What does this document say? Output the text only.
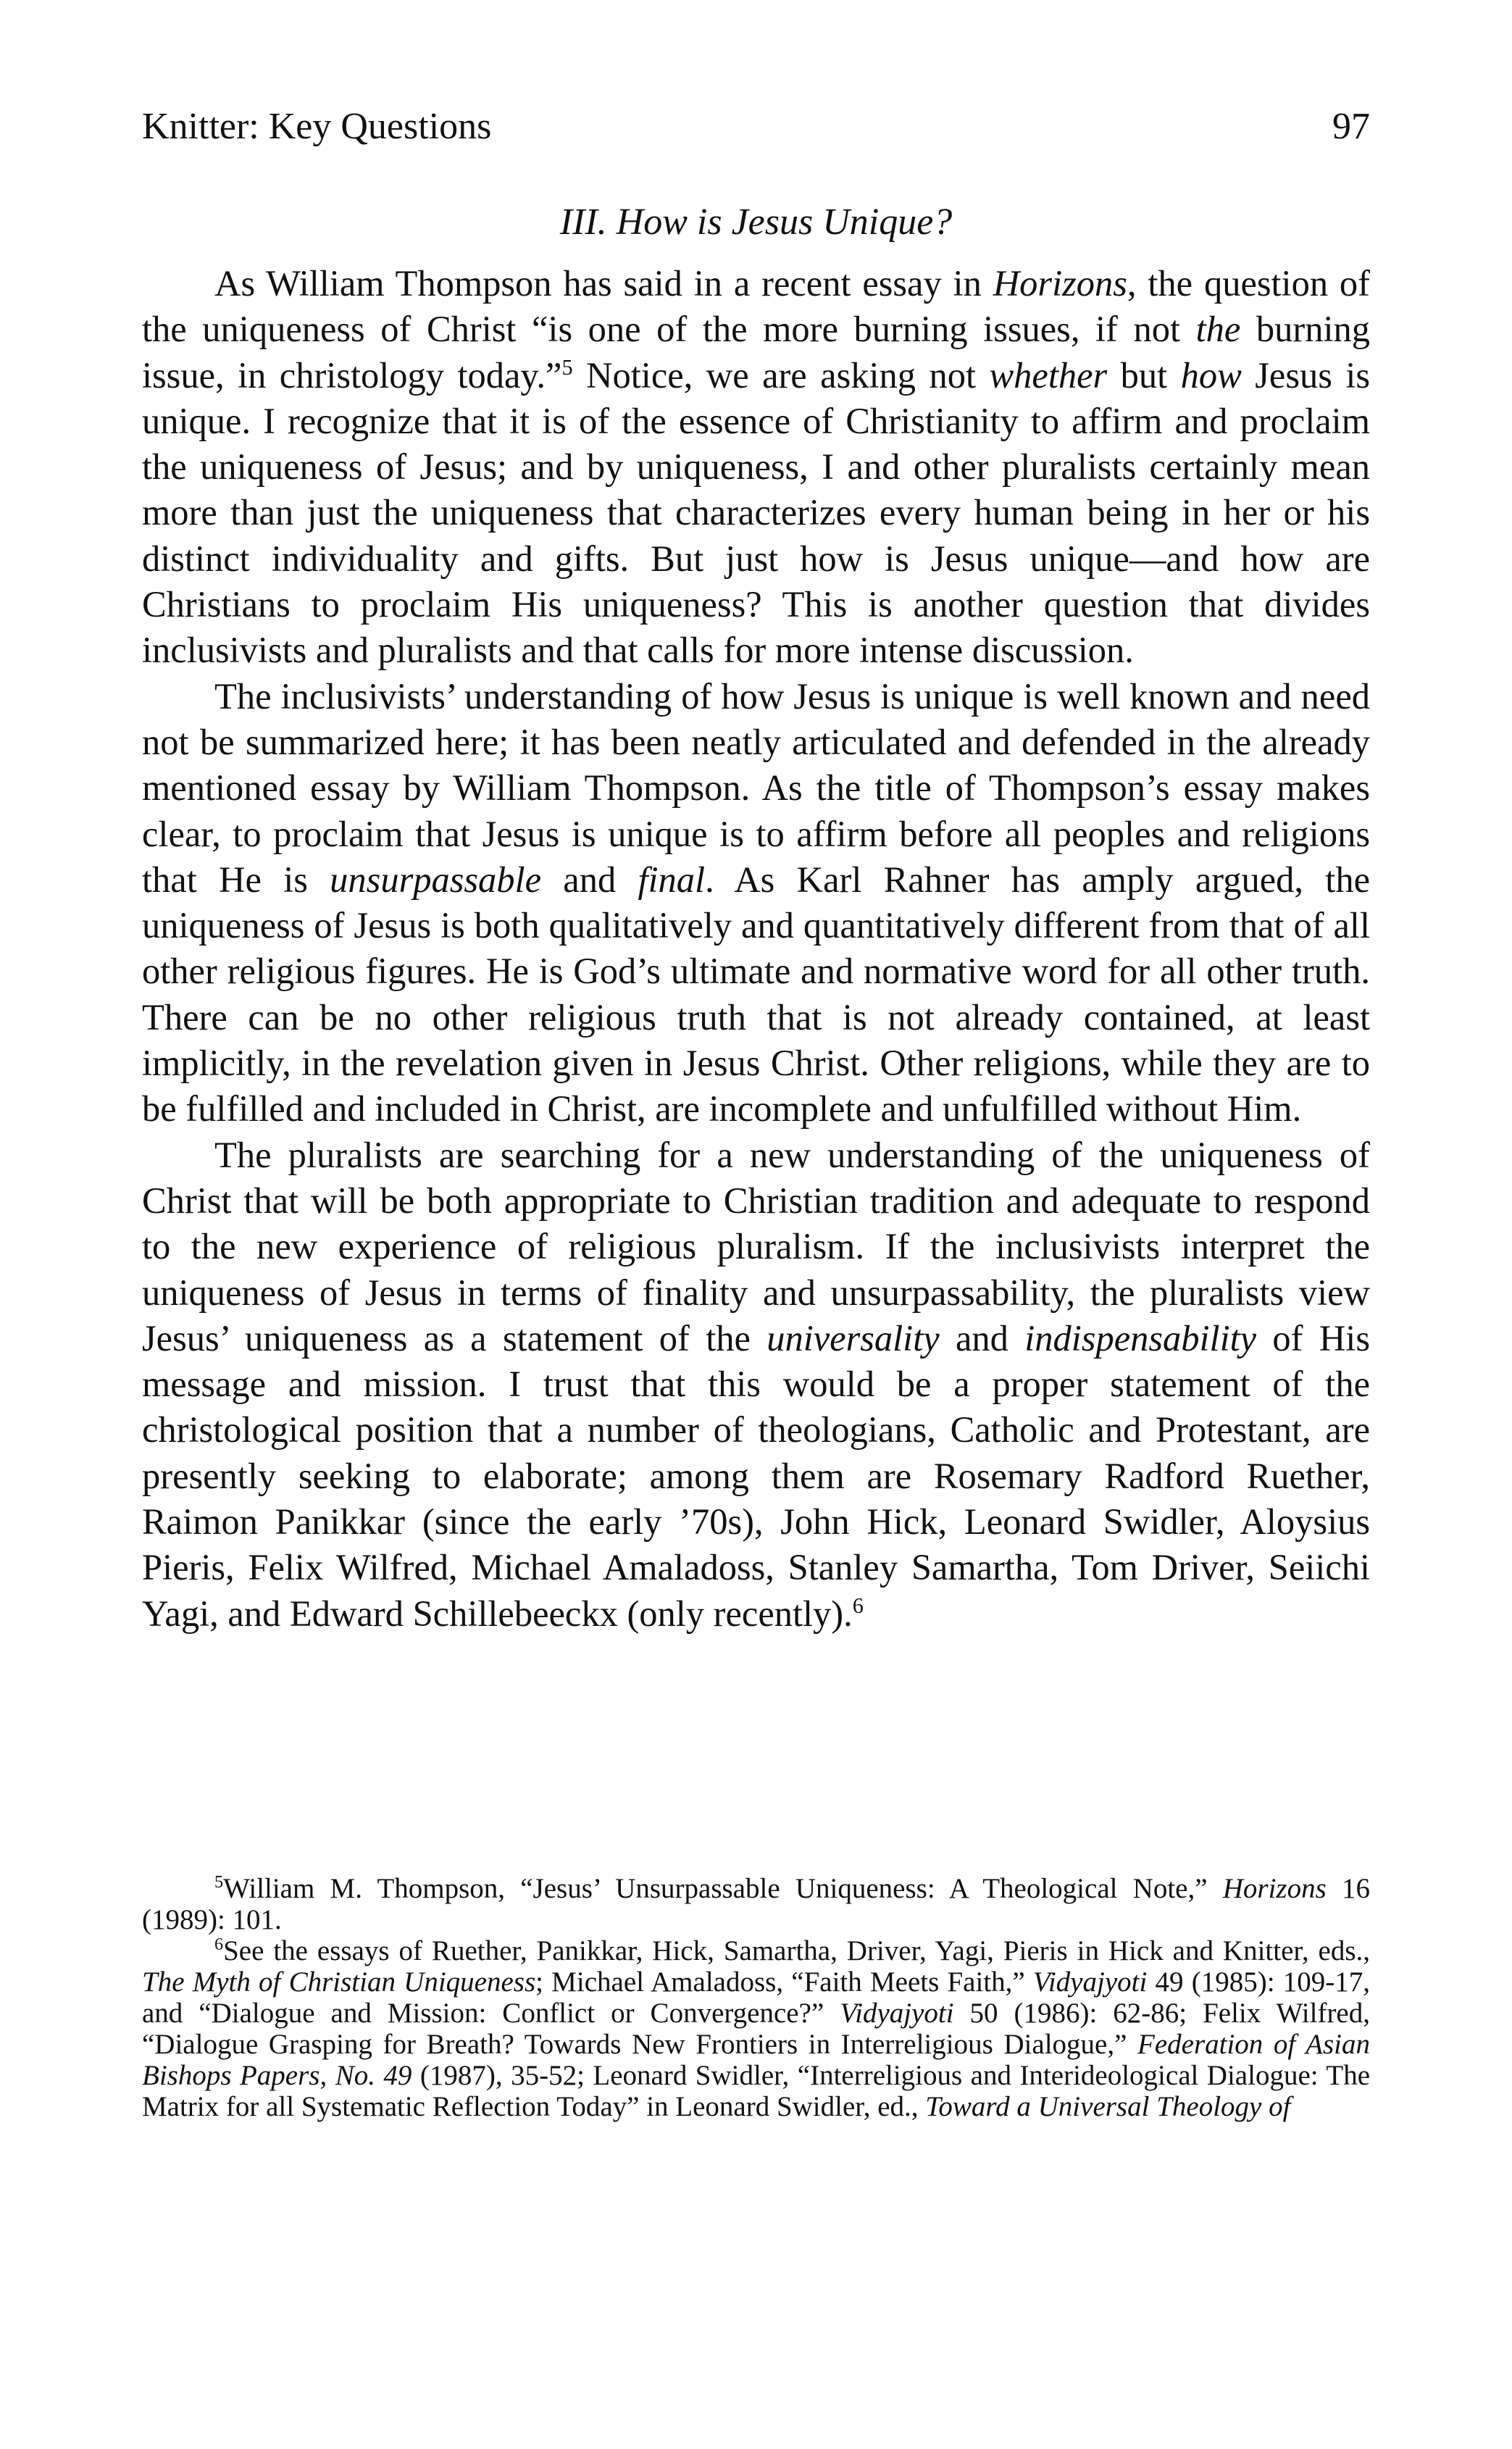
Knitter: Key Questions	97
III. How is Jesus Unique?

As William Thompson has said in a recent essay in Horizons, the question of the uniqueness of Christ “is one of the more burning issues, if not the burning issue, in christology today.”$^5$ Notice, we are asking not whether but how Jesus is unique. I recognize that it is of the essence of Christianity to affirm and proclaim the uniqueness of Jesus; and by uniqueness, I and other pluralists certainly mean more than just the uniqueness that characterizes every human being in her or his distinct individuality and gifts. But just how is Jesus unique—and how are Christians to proclaim His uniqueness? This is another question that divides inclusivists and pluralists and that calls for more intense discussion.

The inclusivists’ understanding of how Jesus is unique is well known and need not be summarized here; it has been neatly articulated and defended in the already mentioned essay by William Thompson. As the title of Thompson’s essay makes clear, to proclaim that Jesus is unique is to affirm before all peoples and religions that He is unsurpassable and final. As Karl Rahner has amply argued, the uniqueness of Jesus is both qualitatively and quantitatively different from that of all other religious figures. He is God’s ultimate and normative word for all other truth. There can be no other religious truth that is not already contained, at least implicitly, in the revelation given in Jesus Christ. Other religions, while they are to be fulfilled and included in Christ, are incomplete and unfulfilled without Him.

The pluralists are searching for a new understanding of the uniqueness of Christ that will be both appropriate to Christian tradition and adequate to respond to the new experience of religious pluralism. If the inclusivists interpret the uniqueness of Jesus in terms of finality and unsurpassability, the pluralists view Jesus’ uniqueness as a statement of the universality and indispensability of His message and mission. I trust that this would be a proper statement of the christological position that a number of theologians, Catholic and Protestant, are presently seeking to elaborate; among them are Rosemary Radford Ruether, Raimon Panikkar (since the early ’70s), John Hick, Leonard Swidler, Aloysius Pieris, Felix Wilfred, Michael Amaladoss, Stanley Samartha, Tom Driver, Seiichi Yagi, and Edward Schillebeeckx (only recently).$^6$

$^5$William M. Thompson, “Jesus’ Unsurpassable Uniqueness: A Theological Note,” Horizons 16 (1989): 101.

$^6$See the essays of Ruether, Panikkar, Hick, Samartha, Driver, Yagi, Pieris in Hick and Knitter, eds., The Myth of Christian Uniqueness; Michael Amaladoss, “Faith Meets Faith,” Vidyajyoti 49 (1985): 109-17, and “Dialogue and Mission: Conflict or Convergence?” Vidyajyoti 50 (1986): 62-86; Felix Wilfred, “Dialogue Grasping for Breath? Towards New Frontiers in Interreligious Dialogue,” Federation of Asian Bishops Papers, No. 49 (1987), 35-52; Leonard Swidler, “Interreligious and Interideological Dialogue: The Matrix for all Systematic Reflection Today” in Leonard Swidler, ed., Toward a Universal Theology of
